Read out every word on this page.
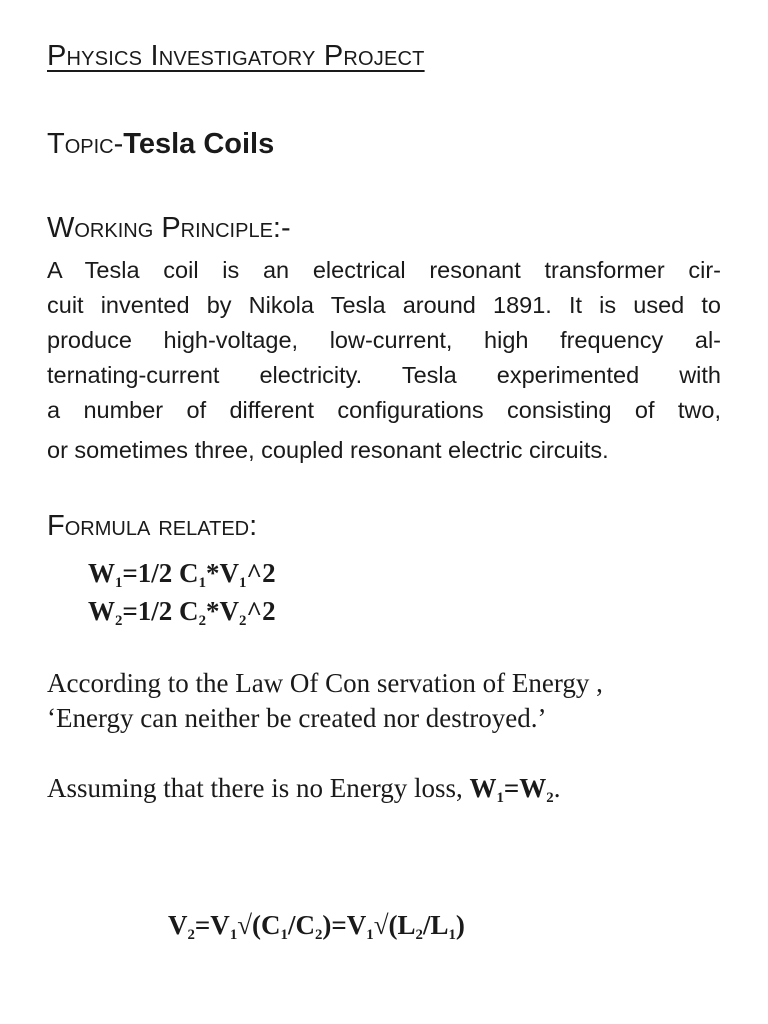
Physics Investigatory Project
Topic-Tesla Coils
Working Principle:-

A Tesla coil is an electrical resonant transformer cir-
cuit invented by Nikola Tesla around 1891. It is used to
produce high-voltage, low-current, high frequency al-
ternating-current electricity. Tesla experimented with
a number of different configurations consisting of two,
or sometimes three, coupled resonant electric circuits.

Formula related:
$W_1=1/2$ $C_1*V_1\^{}2$
$W_2=1/2$ $C_2*V_2\^{}2$

According to the Law Of Con servation of Energy ,
‘Energy can neither be created nor destroyed.’

Assuming that there is no Energy loss, $W_1=W_2$.

$V_2=V_1√(C_1/C_2)=V_1√(L_2/L_1)$
